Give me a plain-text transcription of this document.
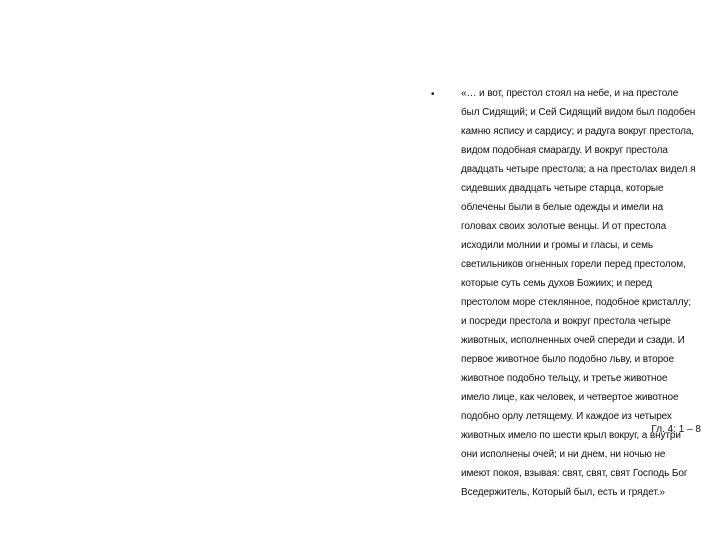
•	«… и вот, престол стоял на небе, и на престоле
был Сидящий; и Сей Сидящий видом был подобен
камню яспису и сардису; и радуга вокруг престола,
видом подобная смарагду. И вокруг престола
двадцать четыре престола; а на престолах видел я
сидевших двадцать четыре старца, которые
облечены были в белые одежды и имели на
головах своих золотые венцы. И от престола
исходили молнии и громы и гласы, и семь
светильников огненных горели перед престолом,
которые суть семь духов Божиих; и перед
престолом море стеклянное, подобное кристаллу;
и посреди престола и вокруг престола четыре
животных, исполненных очей спереди и сзади. И
первое животное было подобно льву, и второе
животное подобно тельцу, и третье животное
имело лице, как человек, и четвертое животное
подобно орлу летящему. И каждое из четырех
животных имело по шести крыл вокруг, а внутри
они исполнены очей; и ни днем, ни ночью не
имеют покоя, взывая: свят, свят, свят Господь Бог
Вседержитель, Который был, есть и грядет.»
Гл. 4: 1 – 8
